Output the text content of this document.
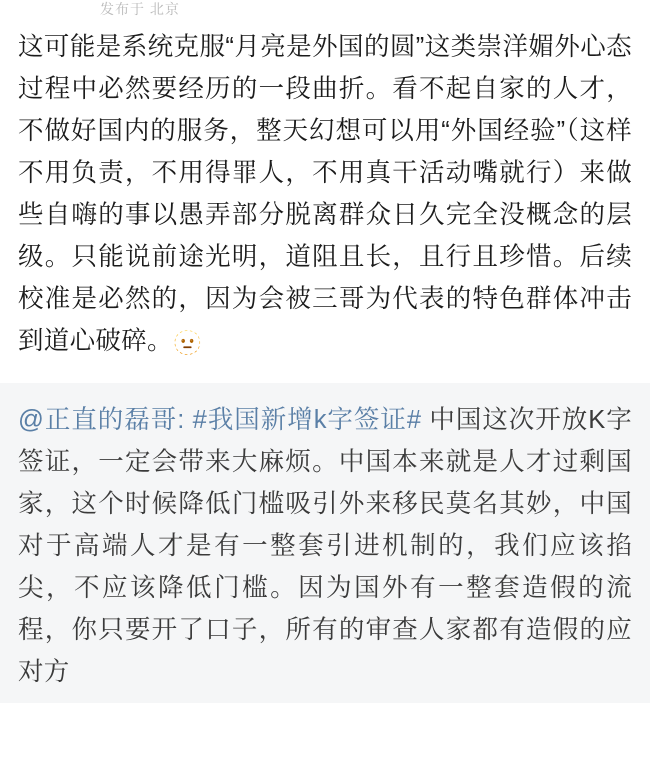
发布于 北京
这可能是系统克服“月亮是外国的圆”这类崇洋媚外心态过程中必然要经历的一段曲折。看不起自家的人才，不做好国内的服务，整天幻想可以用“外国经验”（这样不用负责，不用得罪人，不用真干活动嘴就行）来做些自嗨的事以愚弄部分脱离群众日久完全没概念的层级。只能说前途光明，道阻且长，且行且珍惜。后续校准是必然的，因为会被三哥为代表的特色群体冲击到道心破碎。🫥
@正直的磊哥: #我国新增k字签证# 中国这次开放K字签证，一定会带来大麻烦。中国本来就是人才过剩国家，这个时候降低门槛吸引外来移民莫名其妙，中国对于高端人才是有一整套引进机制的，我们应该掐尖，不应该降低门槛。因为国外有一整套造假的流程，你只要开了口子，所有的审查人家都有造假的应对方
